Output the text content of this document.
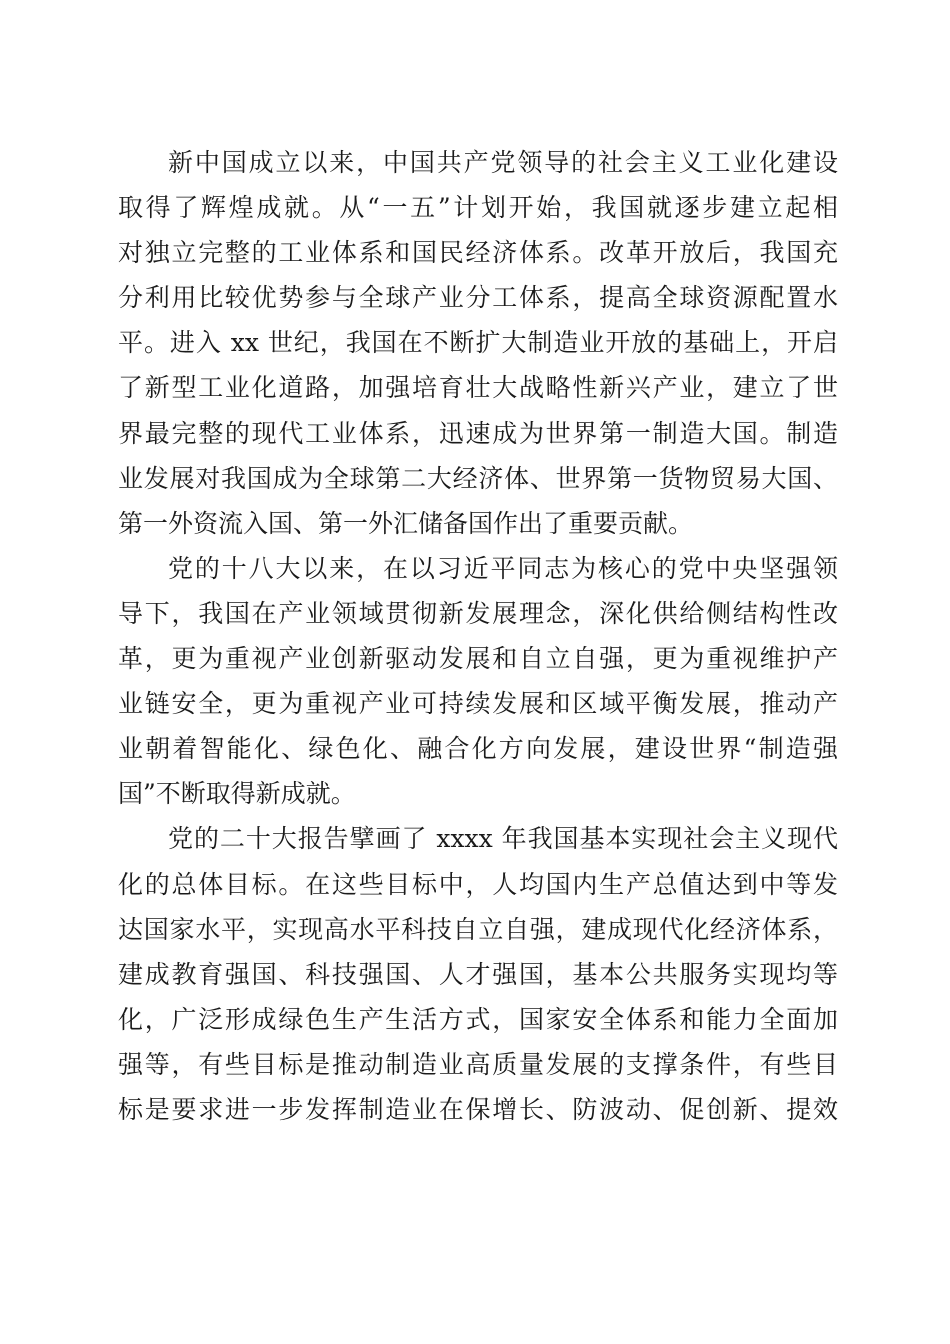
新中国成立以来，中国共产党领导的社会主义工业化建设
取得了辉煌成就。从“一五”计划开始，我国就逐步建立起相
对独立完整的工业体系和国民经济体系。改革开放后，我国充
分利用比较优势参与全球产业分工体系，提高全球资源配置水
平。进入 xx 世纪，我国在不断扩大制造业开放的基础上，开启
了新型工业化道路，加强培育壮大战略性新兴产业，建立了世
界最完整的现代工业体系，迅速成为世界第一制造大国。制造
业发展对我国成为全球第二大经济体、世界第一货物贸易大国、
第一外资流入国、第一外汇储备国作出了重要贡献。
党的十八大以来，在以习近平同志为核心的党中央坚强领
导下，我国在产业领域贯彻新发展理念，深化供给侧结构性改
革，更为重视产业创新驱动发展和自立自强，更为重视维护产
业链安全，更为重视产业可持续发展和区域平衡发展，推动产
业朝着智能化、绿色化、融合化方向发展，建设世界“制造强
国”不断取得新成就。
党的二十大报告擘画了 xxxx 年我国基本实现社会主义现代
化的总体目标。在这些目标中，人均国内生产总值达到中等发
达国家水平，实现高水平科技自立自强，建成现代化经济体系，
建成教育强国、科技强国、人才强国，基本公共服务实现均等
化，广泛形成绿色生产生活方式，国家安全体系和能力全面加
强等，有些目标是推动制造业高质量发展的支撑条件，有些目
标是要求进一步发挥制造业在保增长、防波动、促创新、提效
